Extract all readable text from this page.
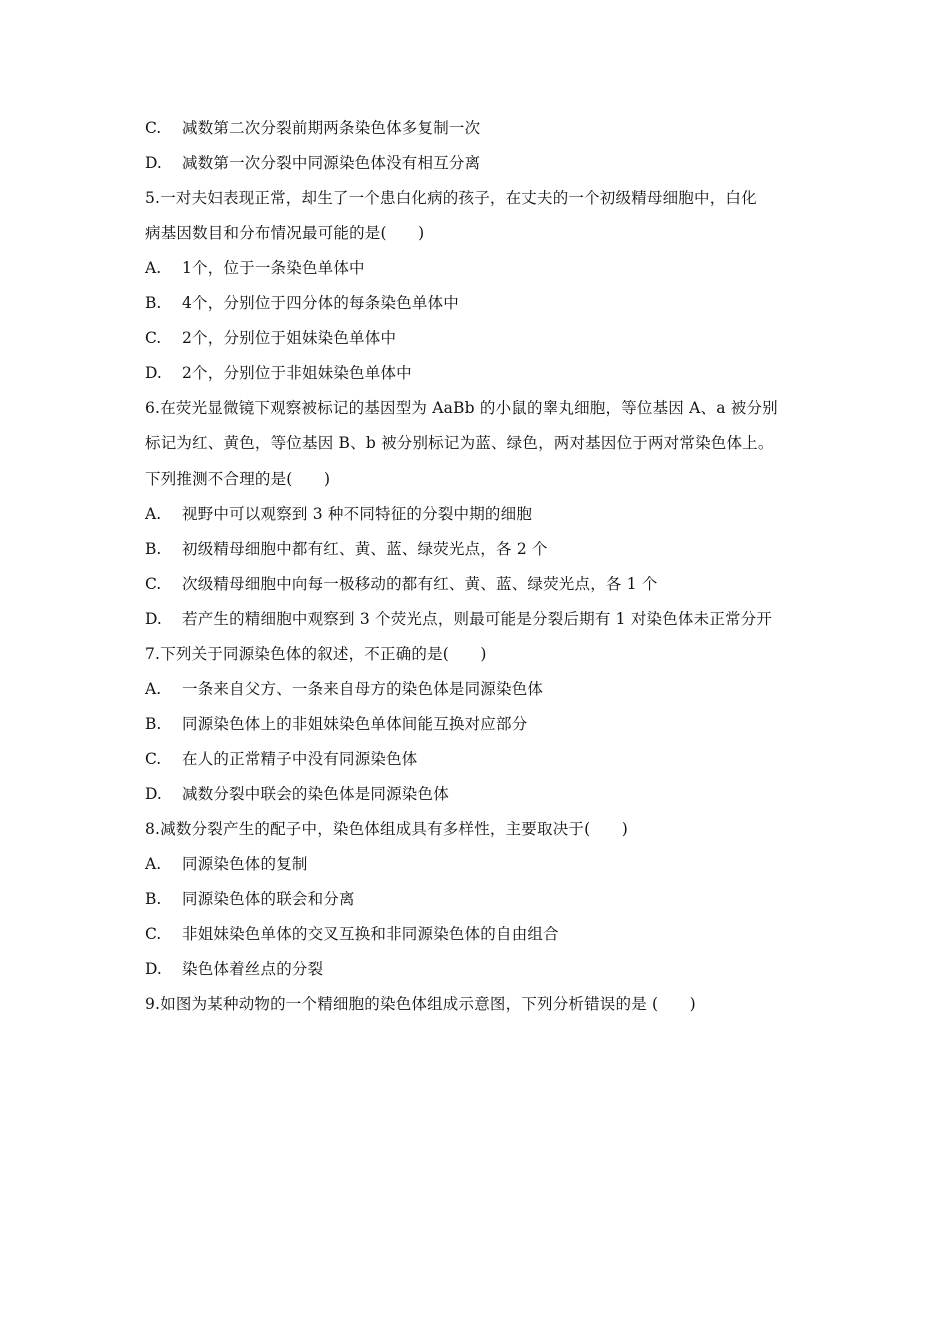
C. 减数第二次分裂前期两条染色体多复制一次
D. 减数第一次分裂中同源染色体没有相互分离
5.一对夫妇表现正常，却生了一个患白化病的孩子，在丈夫的一个初级精母细胞中，白化
病基因数目和分布情况最可能的是(　　)
A. 1个，位于一条染色单体中
B. 4个，分别位于四分体的每条染色单体中
C. 2个，分别位于姐妹染色单体中
D. 2个，分别位于非姐妹染色单体中
6.在荧光显微镜下观察被标记的基因型为 AaBb 的小鼠的睾丸细胞，等位基因 A、a 被分别
标记为红、黄色，等位基因 B、b 被分别标记为蓝、绿色，两对基因位于两对常染色体上。
下列推测不合理的是(　　)
A. 视野中可以观察到 3 种不同特征的分裂中期的细胞
B. 初级精母细胞中都有红、黄、蓝、绿荧光点，各 2 个
C. 次级精母细胞中向每一极移动的都有红、黄、蓝、绿荧光点，各 1 个
D. 若产生的精细胞中观察到 3 个荧光点，则最可能是分裂后期有 1 对染色体未正常分开
7.下列关于同源染色体的叙述，不正确的是(　　)
A. 一条来自父方、一条来自母方的染色体是同源染色体
B. 同源染色体上的非姐妹染色单体间能互换对应部分
C. 在人的正常精子中没有同源染色体
D. 减数分裂中联会的染色体是同源染色体
8.减数分裂产生的配子中，染色体组成具有多样性，主要取决于(　　)
A. 同源染色体的复制
B. 同源染色体的联会和分离
C. 非姐妹染色单体的交叉互换和非同源染色体的自由组合
D. 染色体着丝点的分裂
9.如图为某种动物的一个精细胞的染色体组成示意图，下列分析错误的是 (　　)
